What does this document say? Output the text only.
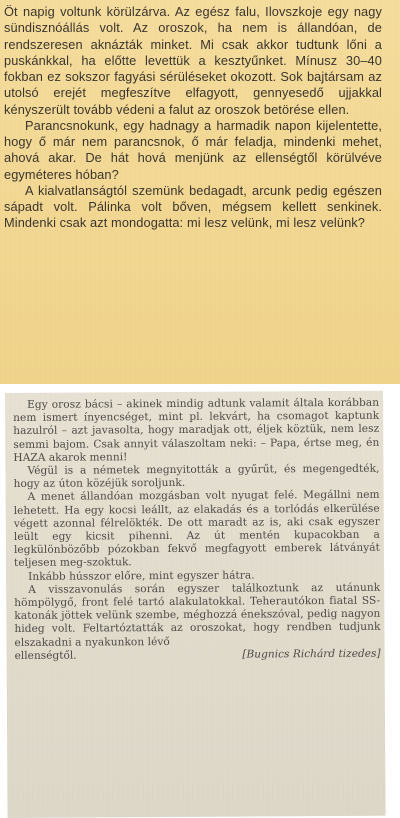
Öt napig voltunk körülzárva. Az egész falu, Ilovszkoje egy nagy sündisznóállás volt. Az oroszok, ha nem is állandóan, de rendszeresen aknázták minket. Mi csak akkor tudtunk lőni a puskánkkal, ha előtte levettük a kesztyűnket. Mínusz 30–40 fokban ez sokszor fagyási sérüléseket okozott. Sok bajtársam az utolsó erejét megfeszítve elfagyott, gennyesedő ujjakkal kényszerült tovább védeni a falut az oroszok betörése ellen.

Parancsnokunk, egy hadnagy a harmadik napon kijelentette, hogy ő már nem parancsnok, ő már feladja, mindenki mehet, ahová akar. De hát hová menjünk az ellenségtől körülvéve egyméteres hóban?

A kialvatlanságtól szemünk bedagadt, arcunk pedig egészen sápadt volt. Pálinka volt bőven, mégsem kellett senkinek. Mindenki csak azt mondogatta: mi lesz velünk, mi lesz velünk?

Egy orosz bácsi – akinek mindig adtunk valamit általa korábban nem ismert ínyencséget, mint pl. lekvárt, ha csomagot kaptunk hazulról – azt javasolta, hogy maradjak ott, éljek köztük, nem lesz semmi bajom. Csak annyit válaszoltam neki: – Papa, értse meg, én HAZA akarok menni!

Végül is a németek megnyitották a gyűrűt, és megengedték, hogy az úton közéjük soroljunk.

A menet állandóan mozgásban volt nyugat felé. Megállni nem lehetett. Ha egy kocsi leállt, az elakadás és a torlódás elkerülése végett azonnal félrelökték. De ott maradt az is, aki csak egyszer leült egy kicsit pihenni. Az út mentén kupacokban a legkülönbözőbb pózokban fekvő megfagyott emberek látványát teljesen meg-szoktuk.

Inkább hússzor előre, mint egyszer hátra.

A visszavonulás során egyszer találkoztunk az utánunk hömpölygő, front felé tartó alakulatokkal. Teherautókon fiatal SS-katonák jöttek velünk szembe, méghozzá énekszóval, pedig nagyon hideg volt. Feltartóztatták az oroszokat, hogy rendben tudjunk elszakadni a nyakunkon lévő

ellenségtől.	[Bugnics Richárd tizedes]
